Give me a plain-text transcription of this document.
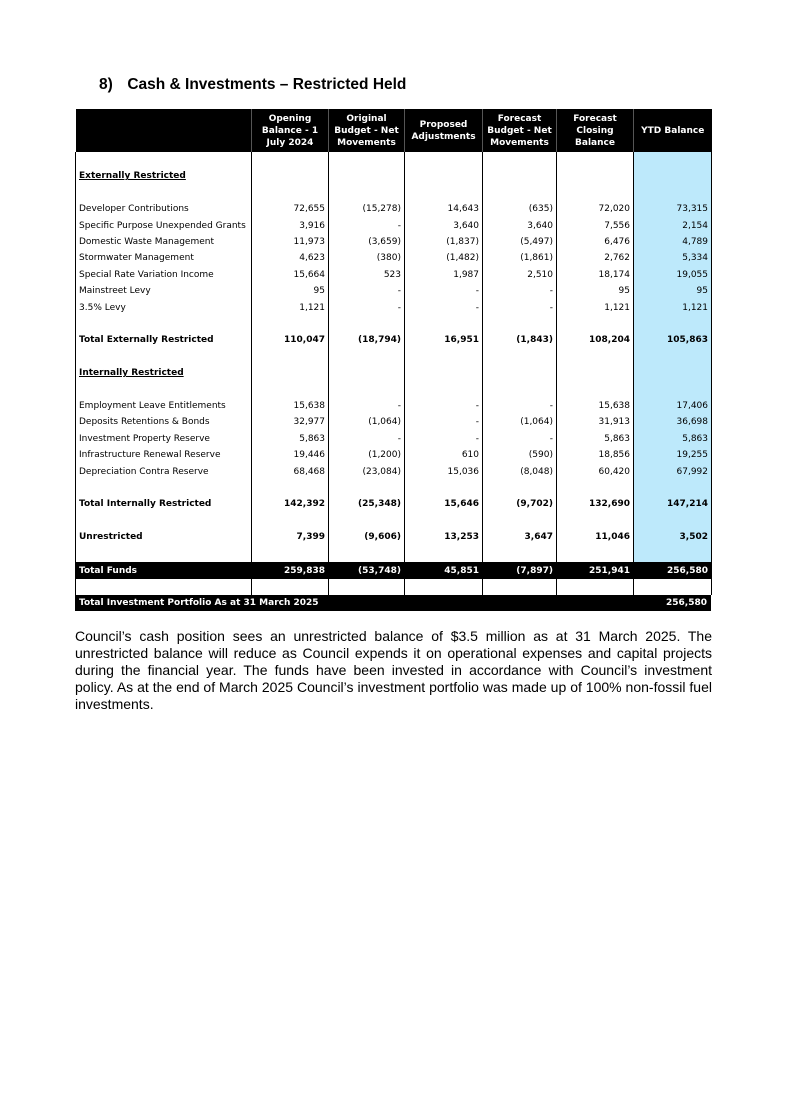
8) Cash & Investments – Restricted Held
	Opening Balance - 1 July 2024	Original Budget - Net Movements	Proposed Adjustments	Forecast Budget - Net Movements	Forecast Closing Balance	YTD Balance

Externally Restricted						

Developer Contributions	72,655	(15,278)	14,643	(635)	72,020	73,315
Specific Purpose Unexpended Grants	3,916	-	3,640	3,640	7,556	2,154
Domestic Waste Management	11,973	(3,659)	(1,837)	(5,497)	6,476	4,789
Stormwater Management	4,623	(380)	(1,482)	(1,861)	2,762	5,334
Special Rate Variation Income	15,664	523	1,987	2,510	18,174	19,055
Mainstreet Levy	95	-	-	-	95	95
3.5% Levy	1,121	-	-	-	1,121	1,121

Total Externally Restricted	110,047	(18,794)	16,951	(1,843)	108,204	105,863

Internally Restricted						

Employment Leave Entitlements	15,638	-	-	-	15,638	17,406
Deposits Retentions & Bonds	32,977	(1,064)	-	(1,064)	31,913	36,698
Investment Property Reserve	5,863	-	-	-	5,863	5,863
Infrastructure Renewal Reserve	19,446	(1,200)	610	(590)	18,856	19,255
Depreciation Contra Reserve	68,468	(23,084)	15,036	(8,048)	60,420	67,992

Total Internally Restricted	142,392	(25,348)	15,646	(9,702)	132,690	147,214

Unrestricted	7,399	(9,606)	13,253	3,647	11,046	3,502

Total Funds	259,838	(53,748)	45,851	(7,897)	251,941	256,580

Total Investment Portfolio As at 31 March 2025	256,580
Council’s cash position sees an unrestricted balance of $3.5 million as at 31 March 2025. The unrestricted balance will reduce as Council expends it on operational expenses and capital projects during the financial year. The funds have been invested in accordance with Council’s investment policy. As at the end of March 2025 Council’s investment portfolio was made up of 100% non-fossil fuel investments.
